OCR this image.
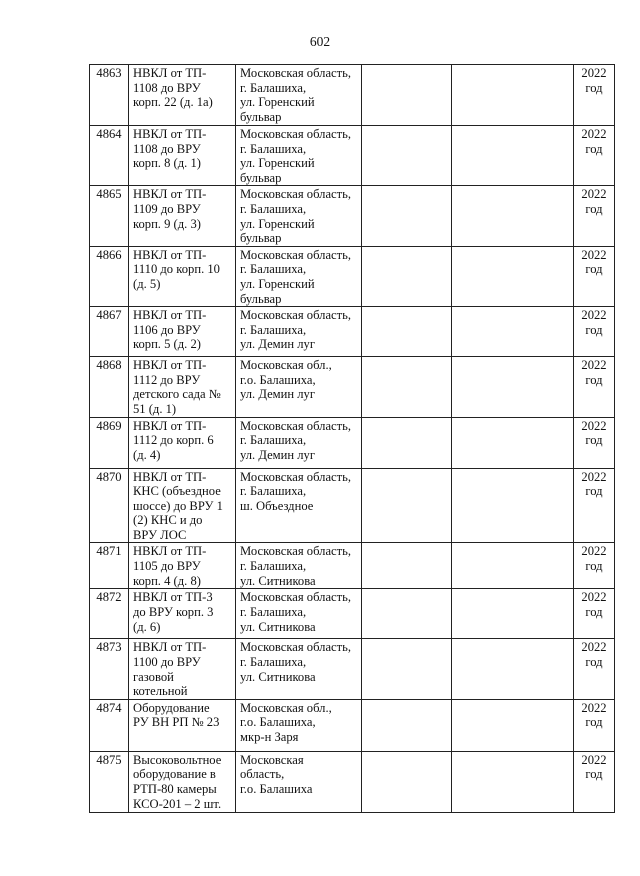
602
4863	НВКЛ от ТП-
1108 до ВРУ
корп. 22 (д. 1а)	Московская область,
г. Балашиха,
ул. Горенский
бульвар			2022
год
4864	НВКЛ от ТП-
1108 до ВРУ
корп. 8 (д. 1)	Московская область,
г. Балашиха,
ул. Горенский
бульвар			2022
год
4865	НВКЛ от ТП-
1109 до ВРУ
корп. 9 (д. 3)	Московская область,
г. Балашиха,
ул. Горенский
бульвар			2022
год
4866	НВКЛ от ТП-
1110 до корп. 10
(д. 5)	Московская область,
г. Балашиха,
ул. Горенский
бульвар			2022
год
4867	НВКЛ от ТП-
1106 до ВРУ
корп. 5 (д. 2)	Московская область,
г. Балашиха,
ул. Демин луг			2022
год
4868	НВКЛ от ТП-
1112 до ВРУ
детского сада №
51 (д. 1)	Московская обл.,
г.о. Балашиха,
ул. Демин луг			2022
год
4869	НВКЛ от ТП-
1112 до корп. 6
(д. 4)	Московская область,
г. Балашиха,
ул. Демин луг			2022
год
4870	НВКЛ от ТП-
КНС (объездное
шоссе) до ВРУ 1
(2) КНС и до
ВРУ ЛОС	Московская область,
г. Балашиха,
ш. Объездное			2022
год
4871	НВКЛ от ТП-
1105 до ВРУ
корп. 4 (д. 8)	Московская область,
г. Балашиха,
ул. Ситникова			2022
год
4872	НВКЛ от ТП-3
до ВРУ корп. 3
(д. 6)	Московская область,
г. Балашиха,
ул. Ситникова			2022
год
4873	НВКЛ от ТП-
1100 до ВРУ
газовой
котельной	Московская область,
г. Балашиха,
ул. Ситникова			2022
год
4874	Оборудование
РУ ВН РП № 23	Московская обл.,
г.о. Балашиха,
мкр-н Заря			2022
год
4875	Высоковольтное
оборудование в
РТП-80 камеры
КСО-201 – 2 шт.	Московская
область,
г.о. Балашиха			2022
год
